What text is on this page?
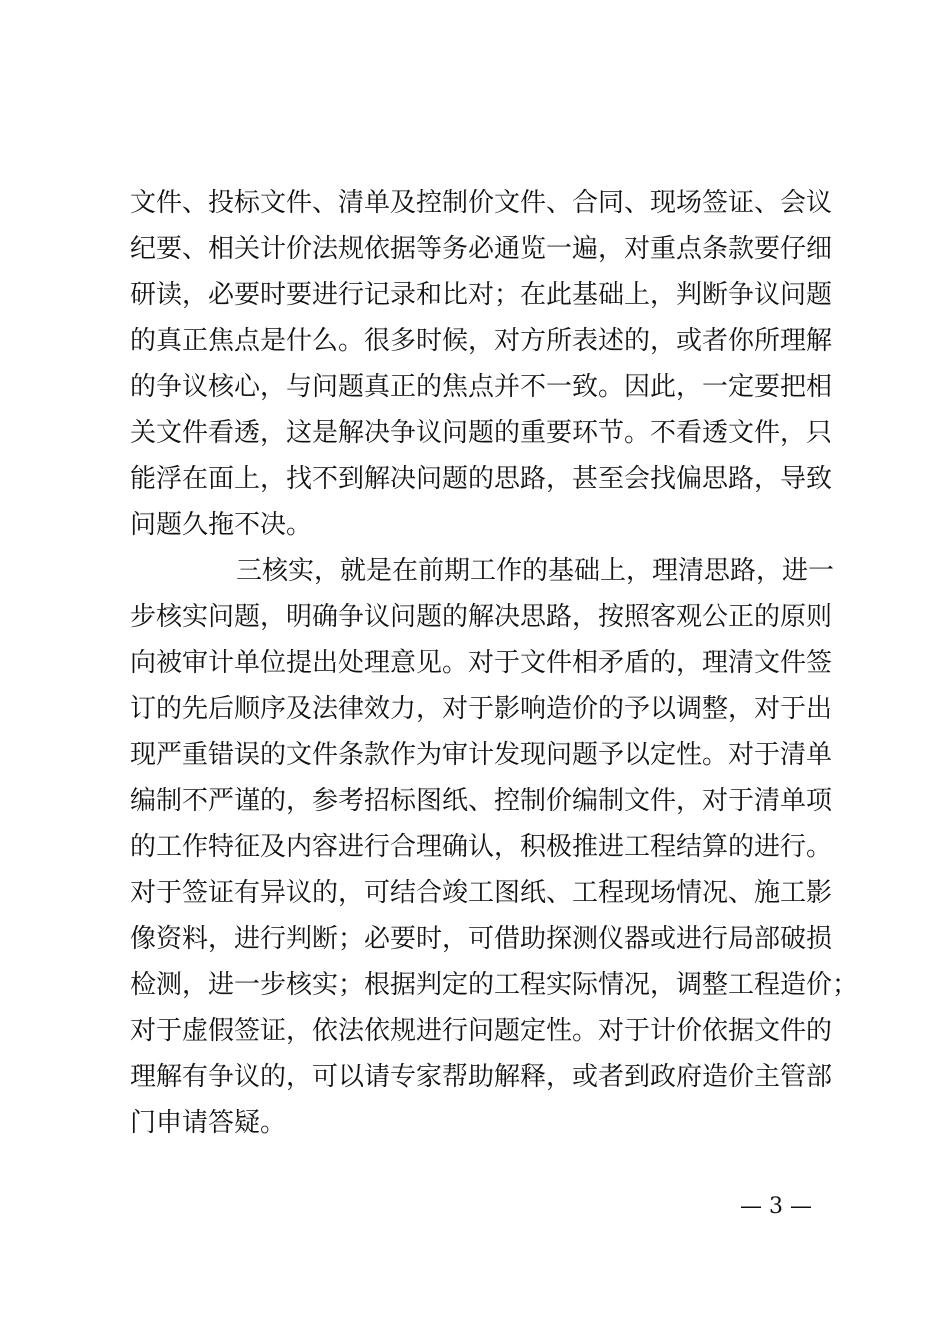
文件、投标文件、清单及控制价文件、合同、现场签证、会议
纪要、相关计价法规依据等务必通览一遍，对重点条款要仔细
研读，必要时要进行记录和比对；在此基础上，判断争议问题
的真正焦点是什么。很多时候，对方所表述的，或者你所理解
的争议核心，与问题真正的焦点并不一致。因此，一定要把相
关文件看透，这是解决争议问题的重要环节。不看透文件，只
能浮在面上，找不到解决问题的思路，甚至会找偏思路，导致
问题久拖不决。
三核实，就是在前期工作的基础上，理清思路，进一
步核实问题，明确争议问题的解决思路，按照客观公正的原则
向被审计单位提出处理意见。对于文件相矛盾的，理清文件签
订的先后顺序及法律效力，对于影响造价的予以调整，对于出
现严重错误的文件条款作为审计发现问题予以定性。对于清单
编制不严谨的，参考招标图纸、控制价编制文件，对于清单项
的工作特征及内容进行合理确认，积极推进工程结算的进行。
对于签证有异议的，可结合竣工图纸、工程现场情况、施工影
像资料，进行判断；必要时，可借助探测仪器或进行局部破损
检测，进一步核实；根据判定的工程实际情况，调整工程造价；
对于虚假签证，依法依规进行问题定性。对于计价依据文件的
理解有争议的，可以请专家帮助解释，或者到政府造价主管部
门申请答疑。
— 3 —
